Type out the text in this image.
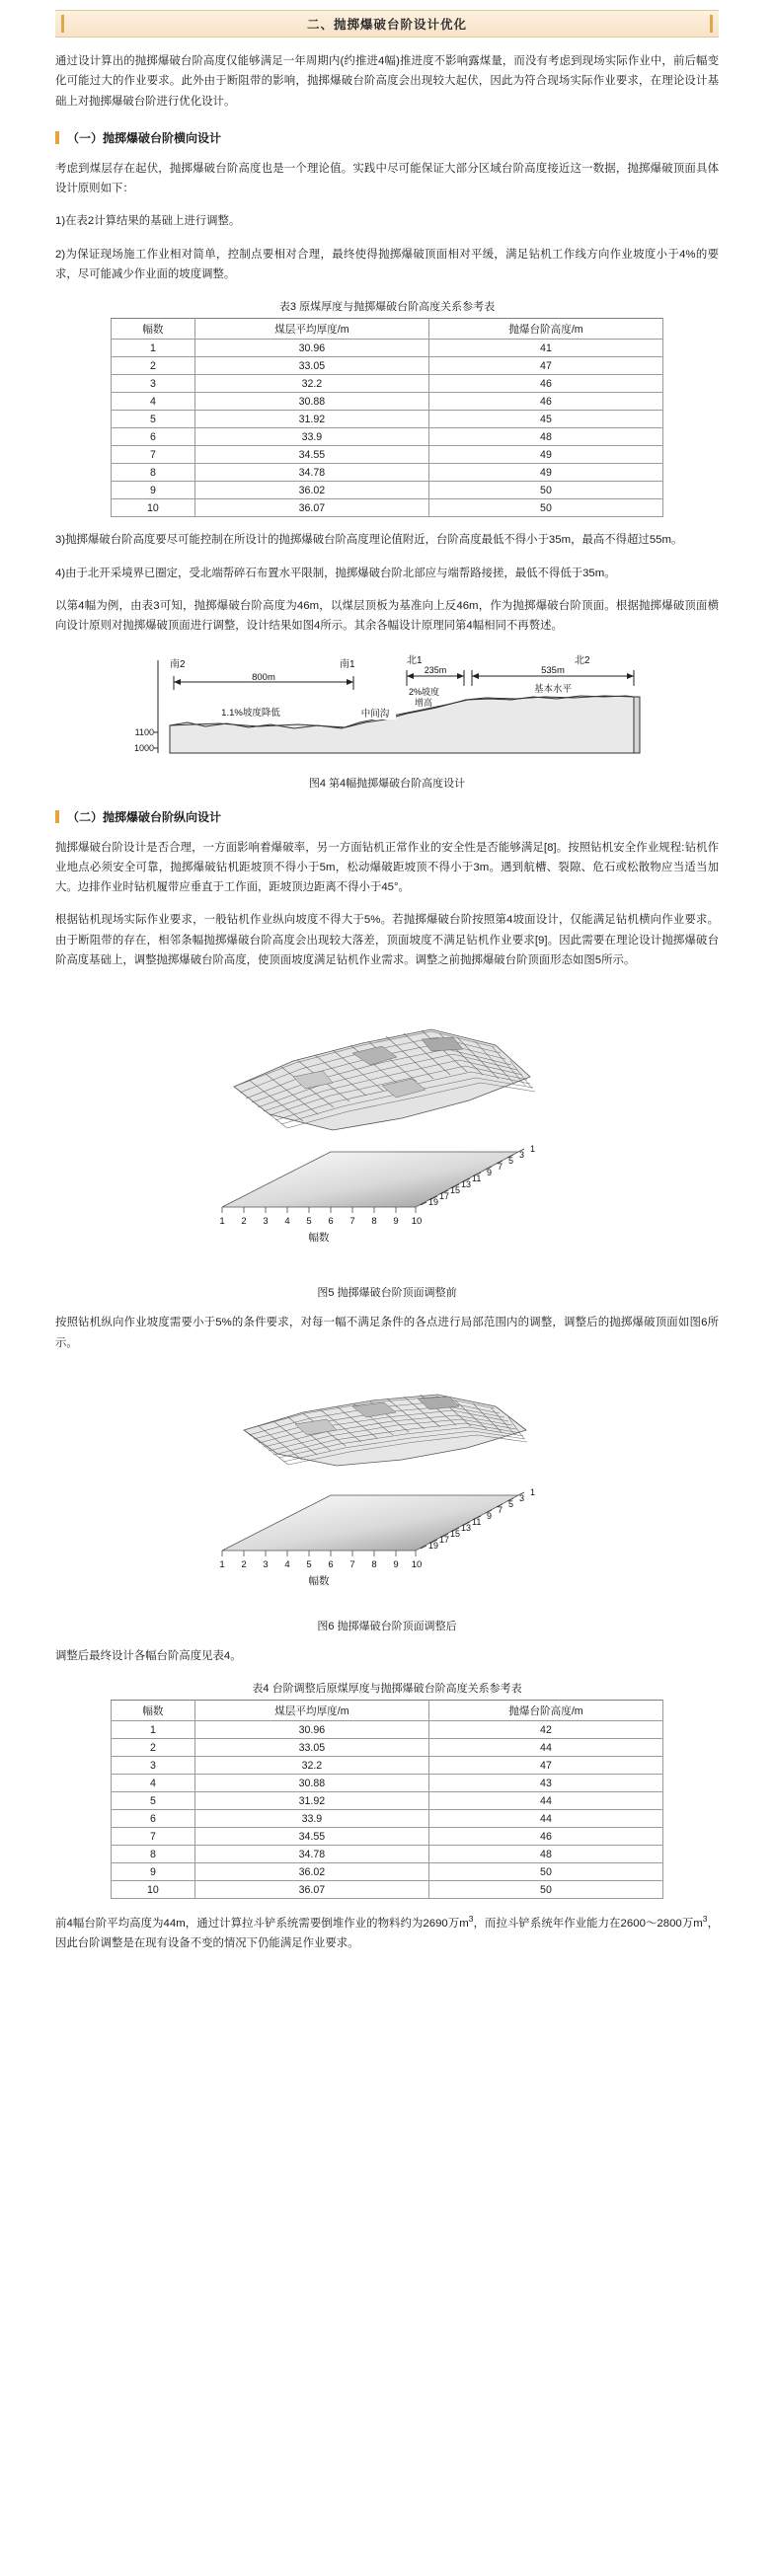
二、抛掷爆破台阶设计优化

通过设计算出的抛掷爆破台阶高度仅能够满足一年周期内(约推进4幅)推进度不影响露煤量，而没有考虑到现场实际作业中，前后幅变化可能过大的作业要求。此外由于断阻带的影响，抛掷爆破台阶高度会出现较大起伏，因此为符合现场实际作业要求，在理论设计基础上对抛掷爆破台阶进行优化设计。

（一）抛掷爆破台阶横向设计

考虑到煤层存在起伏，抛掷爆破台阶高度也是一个理论值。实践中尽可能保证大部分区域台阶高度接近这一数据，抛掷爆破顶面具体设计原则如下：

1)在表2计算结果的基础上进行调整。

2)为保证现场施工作业相对简单，控制点要相对合理，最终使得抛掷爆破顶面相对平缓，满足钻机工作线方向作业坡度小于4%的要求，尽可能减少作业面的坡度调整。

表3 原煤厚度与抛掷爆破台阶高度关系参考表
幅数	煤层平均厚度/m	抛爆台阶高度/m
1	30.96	41
2	33.05	47
3	32.2	46
4	30.88	46
5	31.92	45
6	33.9	48
7	34.55	49
8	34.78	49
9	36.02	50
10	36.07	50

3)抛掷爆破台阶高度要尽可能控制在所设计的抛掷爆破台阶高度理论值附近，台阶高度最低不得小于35m，最高不得超过55m。

4)由于北开采境界已圈定，受北端帮碎石布置水平限制，抛掷爆破台阶北部应与端帮路接搓，最低不得低于35m。

以第4幅为例，由表3可知，抛掷爆破台阶高度为46m，以煤层顶板为基准向上反46m，作为抛掷爆破台阶顶面。根据抛掷爆破顶面横向设计原则对抛掷爆破顶面进行调整，设计结果如图4所示。其余各幅设计原理同第4幅相同不再赘述。

1100
1000
南2	南1	北1	北2
800m
235m	535m
1.1%坡度降低	中间沟
2%坡度
增高
基本水平
图4 第4幅抛掷爆破台阶高度设计
（二）抛掷爆破台阶纵向设计

抛掷爆破台阶设计是否合理，一方面影响着爆破率，另一方面钻机正常作业的安全性是否能够满足[8]。按照钻机安全作业规程:钻机作业地点必须安全可靠，抛掷爆破钻机距坡顶不得小于5m，松动爆破距坡顶不得小于3m。遇到航槽、裂隙、危石或松散物应当适当加大。边排作业时钻机履带应垂直于工作面，距坡顶边距离不得小于45°。

根据钻机现场实际作业要求，一般钻机作业纵向坡度不得大于5%。若抛掷爆破台阶按照第4坡面设计，仅能满足钻机横向作业要求。由于断阻带的存在，相邻条幅抛掷爆破台阶高度会出现较大落差，顶面坡度不满足钻机作业要求[9]。因此需要在理论设计抛掷爆破台阶高度基础上，调整抛掷爆破台阶高度，使顶面坡度满足钻机作业需求。调整之前抛掷爆破台阶顶面形态如图5所示。

1
3
5
7
9
11
13
15
17
19
1 2 3 4 5 6 7 8 9 10
幅数
图5 抛掷爆破台阶顶面调整前

按照钻机纵向作业坡度需要小于5%的条件要求，对每一幅不满足条件的各点进行局部范围内的调整，调整后的抛掷爆破顶面如图6所示。

1
3
5
7
9
11
13
15
17
19
1 2 3 4 5 6 7 8 9 10
幅数
图6 抛掷爆破台阶顶面调整后

调整后最终设计各幅台阶高度见表4。

表4 台阶调整后原煤厚度与抛掷爆破台阶高度关系参考表
幅数	煤层平均厚度/m	抛爆台阶高度/m
1	30.96	42
2	33.05	44
3	32.2	47
4	30.88	43
5	31.92	44
6	33.9	44
7	34.55	46
8	34.78	48
9	36.02	50
10	36.07	50

前4幅台阶平均高度为44m，通过计算拉斗铲系统需要倒堆作业的物料约为2690万$m^3$，而拉斗铲系统年作业能力在2600～2800万$m^3$，因此台阶调整是在现有设备不变的情况下仍能满足作业要求。
